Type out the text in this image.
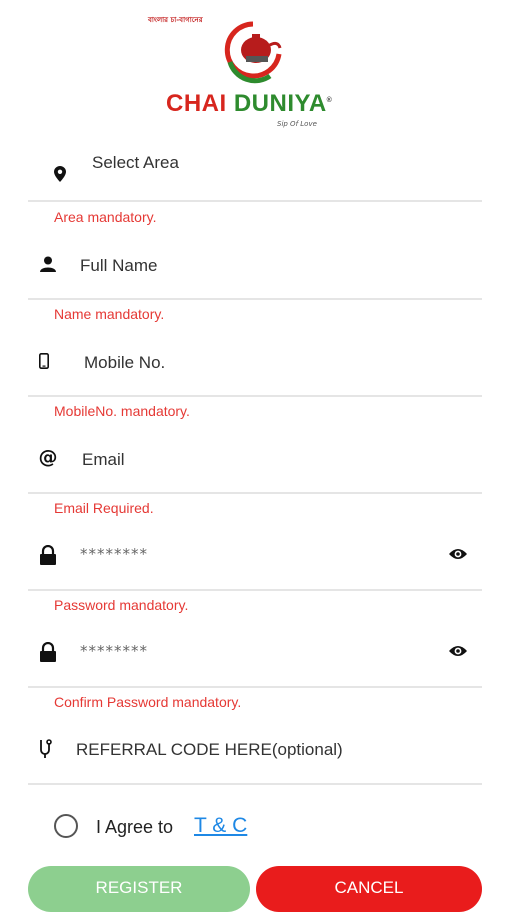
বাংলার চা-বাগানের
CHAI DUNIYA®
Sip Of Love
Select Area
Area mandatory.
Full Name
Name mandatory.
Mobile No.
MobileNo. mandatory.
@ Email
Email Required.
********
Password mandatory.
********
Confirm Password mandatory.
REFERRAL CODE HERE(optional)
I Agree to T & C
REGISTER	CANCEL
